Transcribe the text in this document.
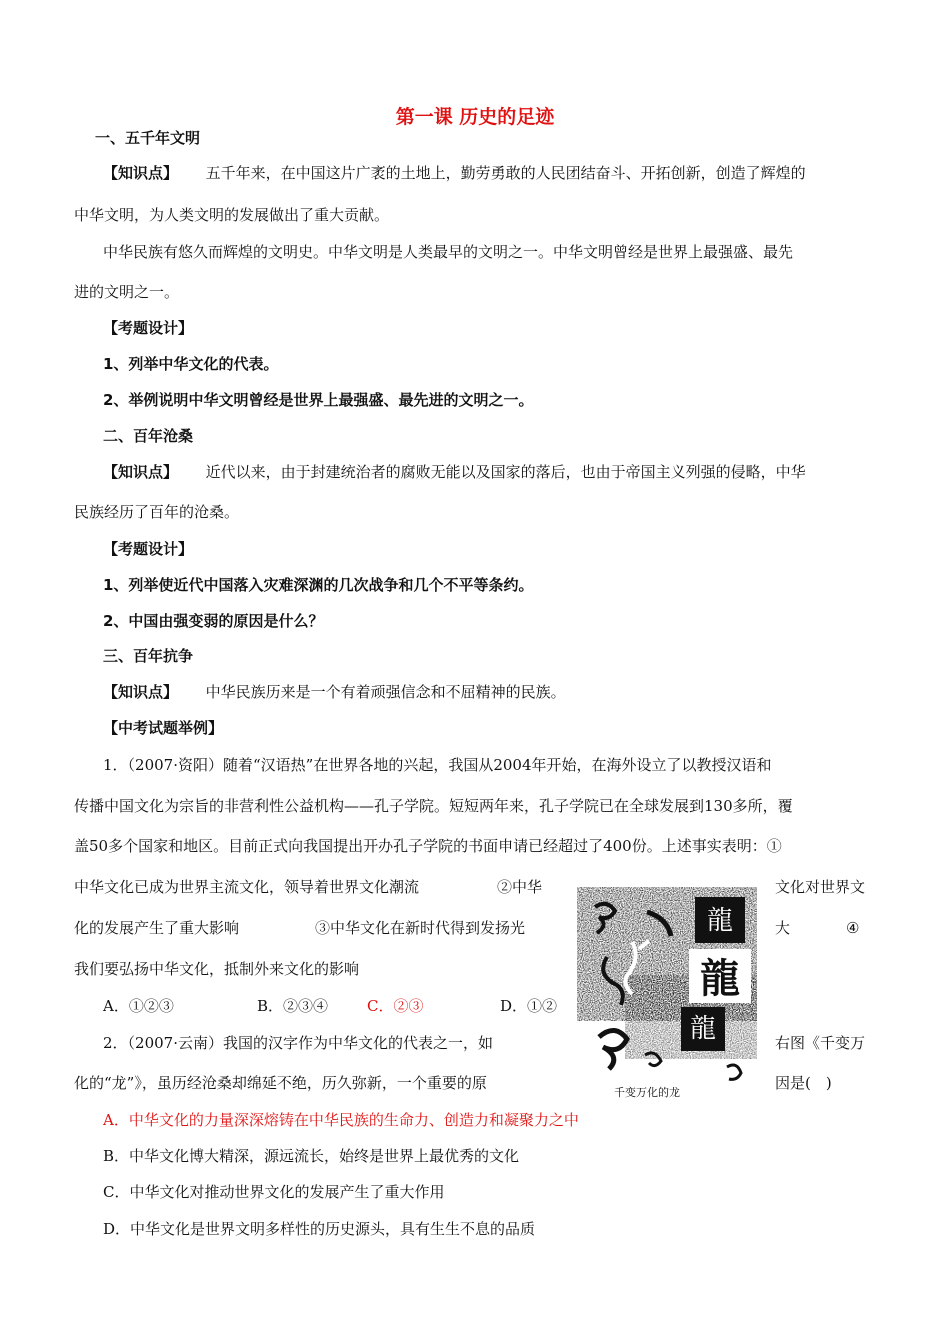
第一课 历史的足迹
一、五千年文明
【知识点】 五千年来，在中国这片广袤的土地上，勤劳勇敢的人民团结奋斗、开拓创新，创造了辉煌的
中华文明，为人类文明的发展做出了重大贡献。
中华民族有悠久而辉煌的文明史。中华文明是人类最早的文明之一。中华文明曾经是世界上最强盛、最先
进的文明之一。
【考题设计】
1、列举中华文化的代表。
2、举例说明中华文明曾经是世界上最强盛、最先进的文明之一。
二、百年沧桑
【知识点】 近代以来，由于封建统治者的腐败无能以及国家的落后，也由于帝国主义列强的侵略，中华
民族经历了百年的沧桑。
【考题设计】
1、列举使近代中国落入灾难深渊的几次战争和几个不平等条约。
2、中国由强变弱的原因是什么？
三、百年抗争
【知识点】 中华民族历来是一个有着顽强信念和不屈精神的民族。
【中考试题举例】
1．（2007·资阳）随着“汉语热”在世界各地的兴起，我国从2004年开始，在海外设立了以教授汉语和
传播中国文化为宗旨的非营利性公益机构——孔子学院。短短两年来，孔子学院已在全球发展到130多所，覆
盖50多个国家和地区。目前正式向我国提出开办孔子学院的书面申请已经超过了400份。上述事实表明：①
中华文化已成为世界主流文化，领导着世界文化潮流	②中华	文化对世界文
化的发展产生了重大影响	③中华文化在新时代得到发扬光	大	④
我们要弘扬中华文化，抵制外来文化的影响
A．①②③	B．②③④	C．②③	D．①②
2．（2007·云南）我国的汉字作为中华文化的代表之一，如	右图《千变万
化的“龙”》，虽历经沧桑却绵延不绝，历久弥新，一个重要的原	因是(　)
A．中华文化的力量深深熔铸在中华民族的生命力、创造力和凝聚力之中
B．中华文化博大精深，源远流长，始终是世界上最优秀的文化
C．中华文化对推动世界文化的发展产生了重大作用
D．中华文化是世界文明多样性的历史源头，具有生生不息的品质
龍
龍
龍
千变万化的龙
